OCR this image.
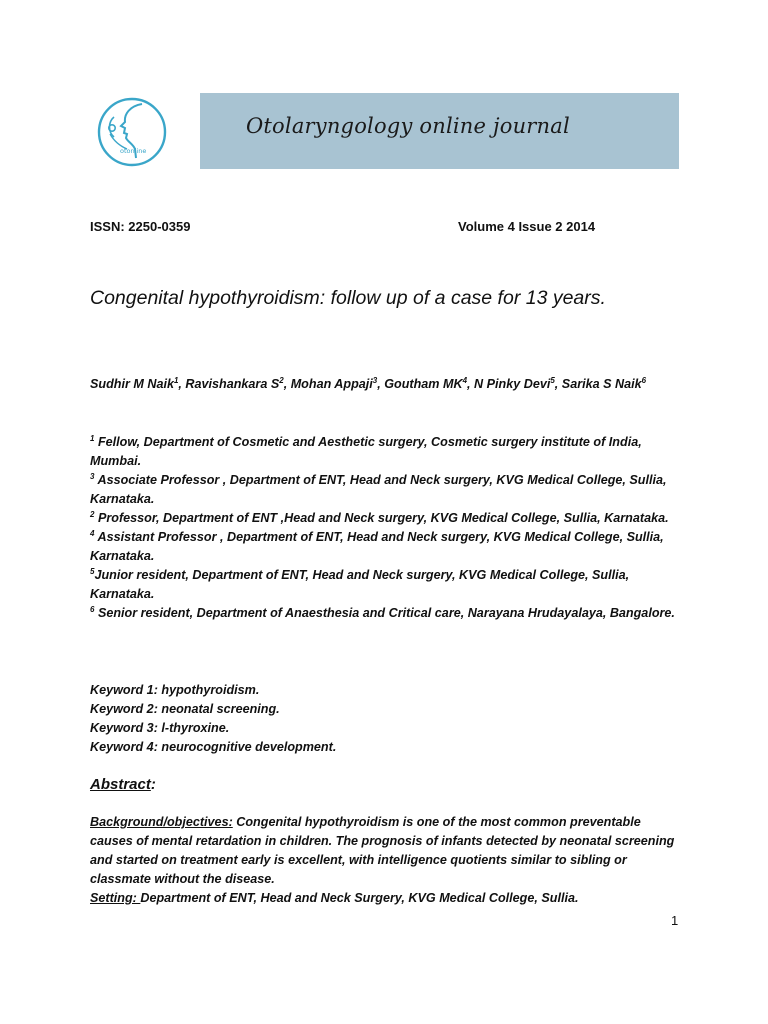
otonline
Otolaryngology online journal
ISSN: 2250-0359	Volume 4 Issue 2 2014
Congenital hypothyroidism: follow up of a case for 13 years.
Sudhir M Naik$^1$, Ravishankara $S^2$, Mohan Appaji$^3$, Goutham $MK^4$, N Pinky Devi$^5$, Sarika S Naik$^6$
$^1$ Fellow, Department of Cosmetic and Aesthetic surgery, Cosmetic surgery institute of India, Mumbai.
$^3$ Associate Professor , Department of ENT, Head and Neck surgery, KVG Medical College, Sullia, Karnataka.
$^2$ Professor, Department of ENT ,Head and Neck surgery, KVG Medical College, Sullia, Karnataka.
$^4$ Assistant Professor , Department of ENT, Head and Neck surgery, KVG Medical College, Sullia, Karnataka.
$^5$Junior resident, Department of ENT, Head and Neck surgery, KVG Medical College, Sullia, Karnataka.
$^6$ Senior resident, Department of Anaesthesia and Critical care, Narayana Hrudayalaya, Bangalore.
Keyword 1: hypothyroidism.
Keyword 2: neonatal screening.
Keyword 3: l-thyroxine.
Keyword 4: neurocognitive development.
Abstract:
Background/objectives: Congenital hypothyroidism is one of the most common preventable causes of mental retardation in children. The prognosis of infants detected by neonatal screening and started on treatment early is excellent, with intelligence quotients similar to sibling or classmate without the disease.
Setting: Department of ENT, Head and Neck Surgery, KVG Medical College, Sullia.
1
